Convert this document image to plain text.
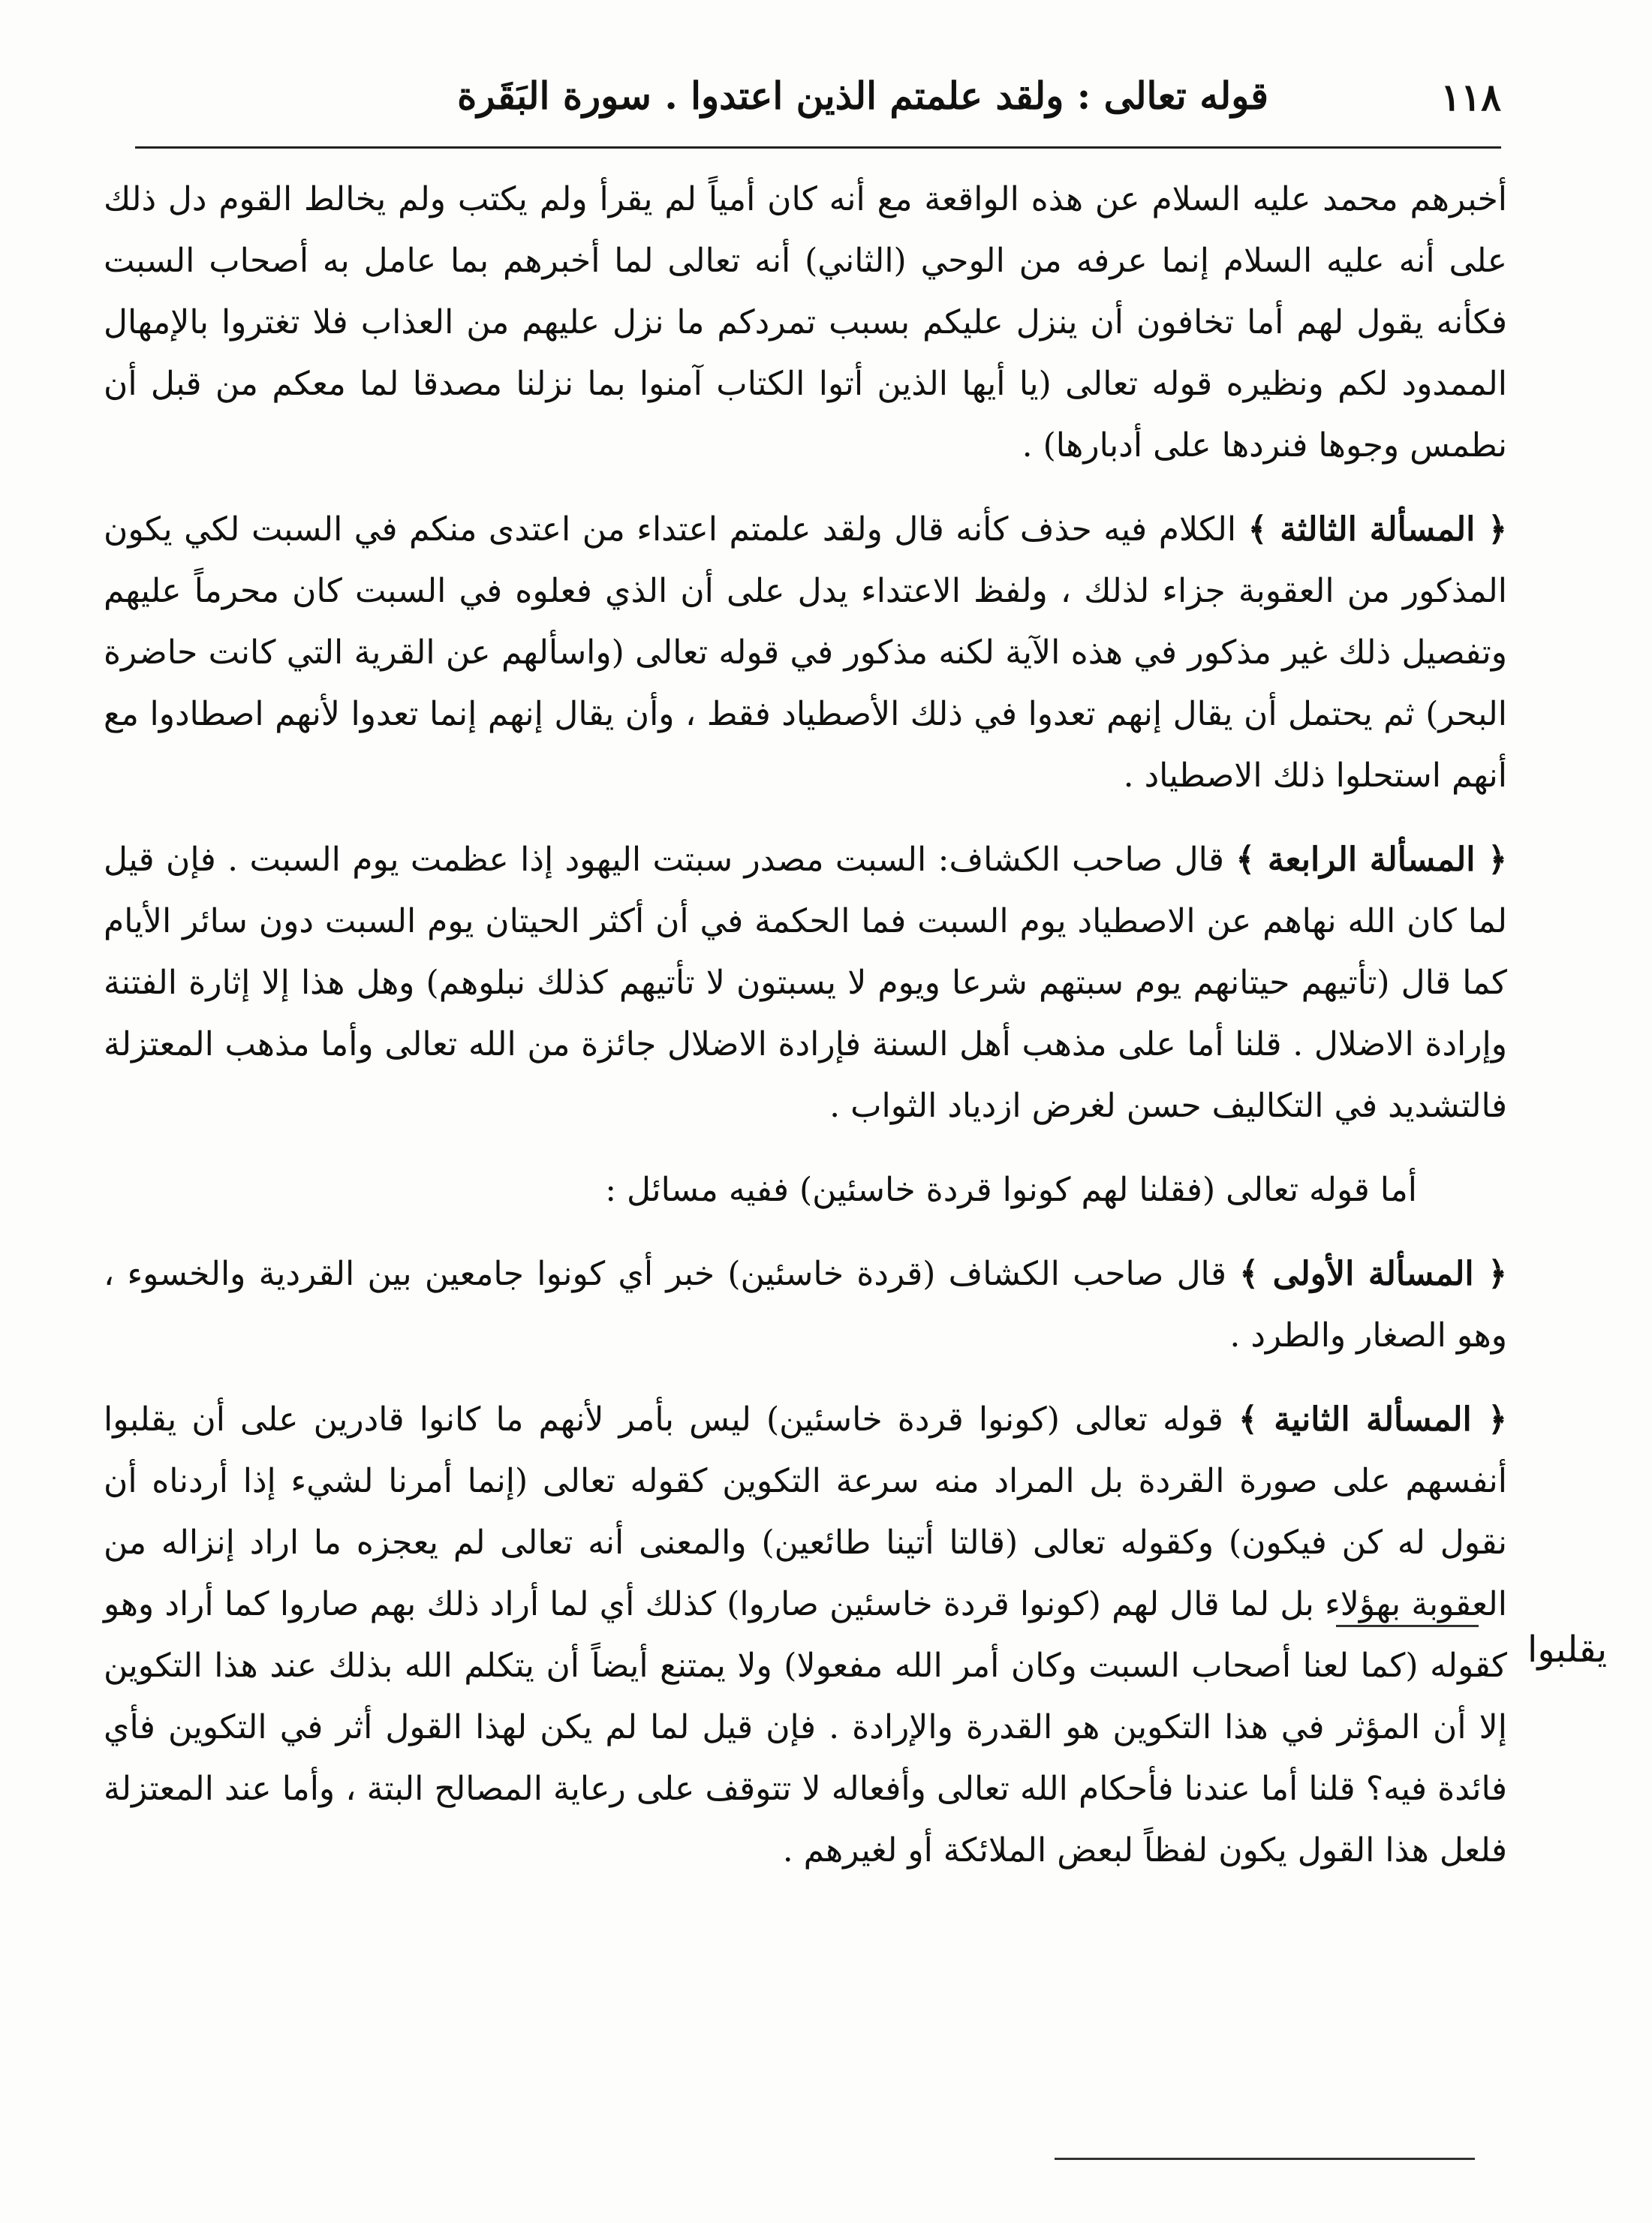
١١٨
قوله تعالى : ولقد علمتم الذين اعتدوا . سورة البَقَرة

أخبرهم محمد عليه السلام عن هذه الواقعة مع أنه كان أمياً لم يقرأ ولم يكتب ولم يخالط القوم دل ذلك على أنه عليه السلام إنما عرفه من الوحي (الثاني) أنه تعالى لما أخبرهم بما عامل به أصحاب السبت فكأنه يقول لهم أما تخافون أن ينزل عليكم بسبب تمردكم ما نزل عليهم من العذاب فلا تغتروا بالإمهال الممدود لكم ونظيره قوله تعالى (يا أيها الذين أتوا الكتاب آمنوا بما نزلنا مصدقا لما معكم من قبل أن نطمس وجوها فنردها على أدبارها) .

﴿ المسألة الثالثة ﴾ الكلام فيه حذف كأنه قال ولقد علمتم اعتداء من اعتدى منكم في السبت لكي يكون المذكور من العقوبة جزاء لذلك ، ولفظ الاعتداء يدل على أن الذي فعلوه في السبت كان محرماً عليهم وتفصيل ذلك غير مذكور في هذه الآية لكنه مذكور في قوله تعالى (واسألهم عن القرية التي كانت حاضرة البحر) ثم يحتمل أن يقال إنهم تعدوا في ذلك الأصطياد فقط ، وأن يقال إنهم إنما تعدوا لأنهم اصطادوا مع أنهم استحلوا ذلك الاصطياد .

﴿ المسألة الرابعة ﴾ قال صاحب الكشاف: السبت مصدر سبتت اليهود إذا عظمت يوم السبت . فإن قيل لما كان الله نهاهم عن الاصطياد يوم السبت فما الحكمة في أن أكثر الحيتان يوم السبت دون سائر الأيام كما قال (تأتيهم حيتانهم يوم سبتهم شرعا ويوم لا يسبتون لا تأتيهم كذلك نبلوهم) وهل هذا إلا إثارة الفتنة وإرادة الاضلال . قلنا أما على مذهب أهل السنة فإرادة الاضلال جائزة من الله تعالى وأما مذهب المعتزلة فالتشديد في التكاليف حسن لغرض ازدياد الثواب .

أما قوله تعالى (فقلنا لهم كونوا قردة خاسئين) ففيه مسائل :

﴿ المسألة الأولى ﴾ قال صاحب الكشاف (قردة خاسئين) خبر أي كونوا جامعين بين القردية والخسوء ، وهو الصغار والطرد .

﴿ المسألة الثانية ﴾ قوله تعالى (كونوا قردة خاسئين) ليس بأمر لأنهم ما كانوا قادرين على أن يقلبوا أنفسهم على صورة القردة بل المراد منه سرعة التكوين كقوله تعالى (إنما أمرنا لشيء إذا أردناه أن نقول له كن فيكون) وكقوله تعالى (قالتا أتينا طائعين) والمعنى أنه تعالى لم يعجزه ما اراد إنزاله من العقوبة بهؤلاء بل لما قال لهم (كونوا قردة خاسئين صاروا) كذلك أي لما أراد ذلك بهم صاروا كما أراد وهو كقوله (كما لعنا أصحاب السبت وكان أمر الله مفعولا) ولا يمتنع أيضاً أن يتكلم الله بذلك عند هذا التكوين إلا أن المؤثر في هذا التكوين هو القدرة والإرادة . فإن قيل لما لم يكن لهذا القول أثر في التكوين فأي فائدة فيه؟ قلنا أما عندنا فأحكام الله تعالى وأفعاله لا تتوقف على رعاية المصالح البتة ، وأما عند المعتزلة فلعل هذا القول يكون لفظاً لبعض الملائكة أو لغيرهم .

يقلبوا
